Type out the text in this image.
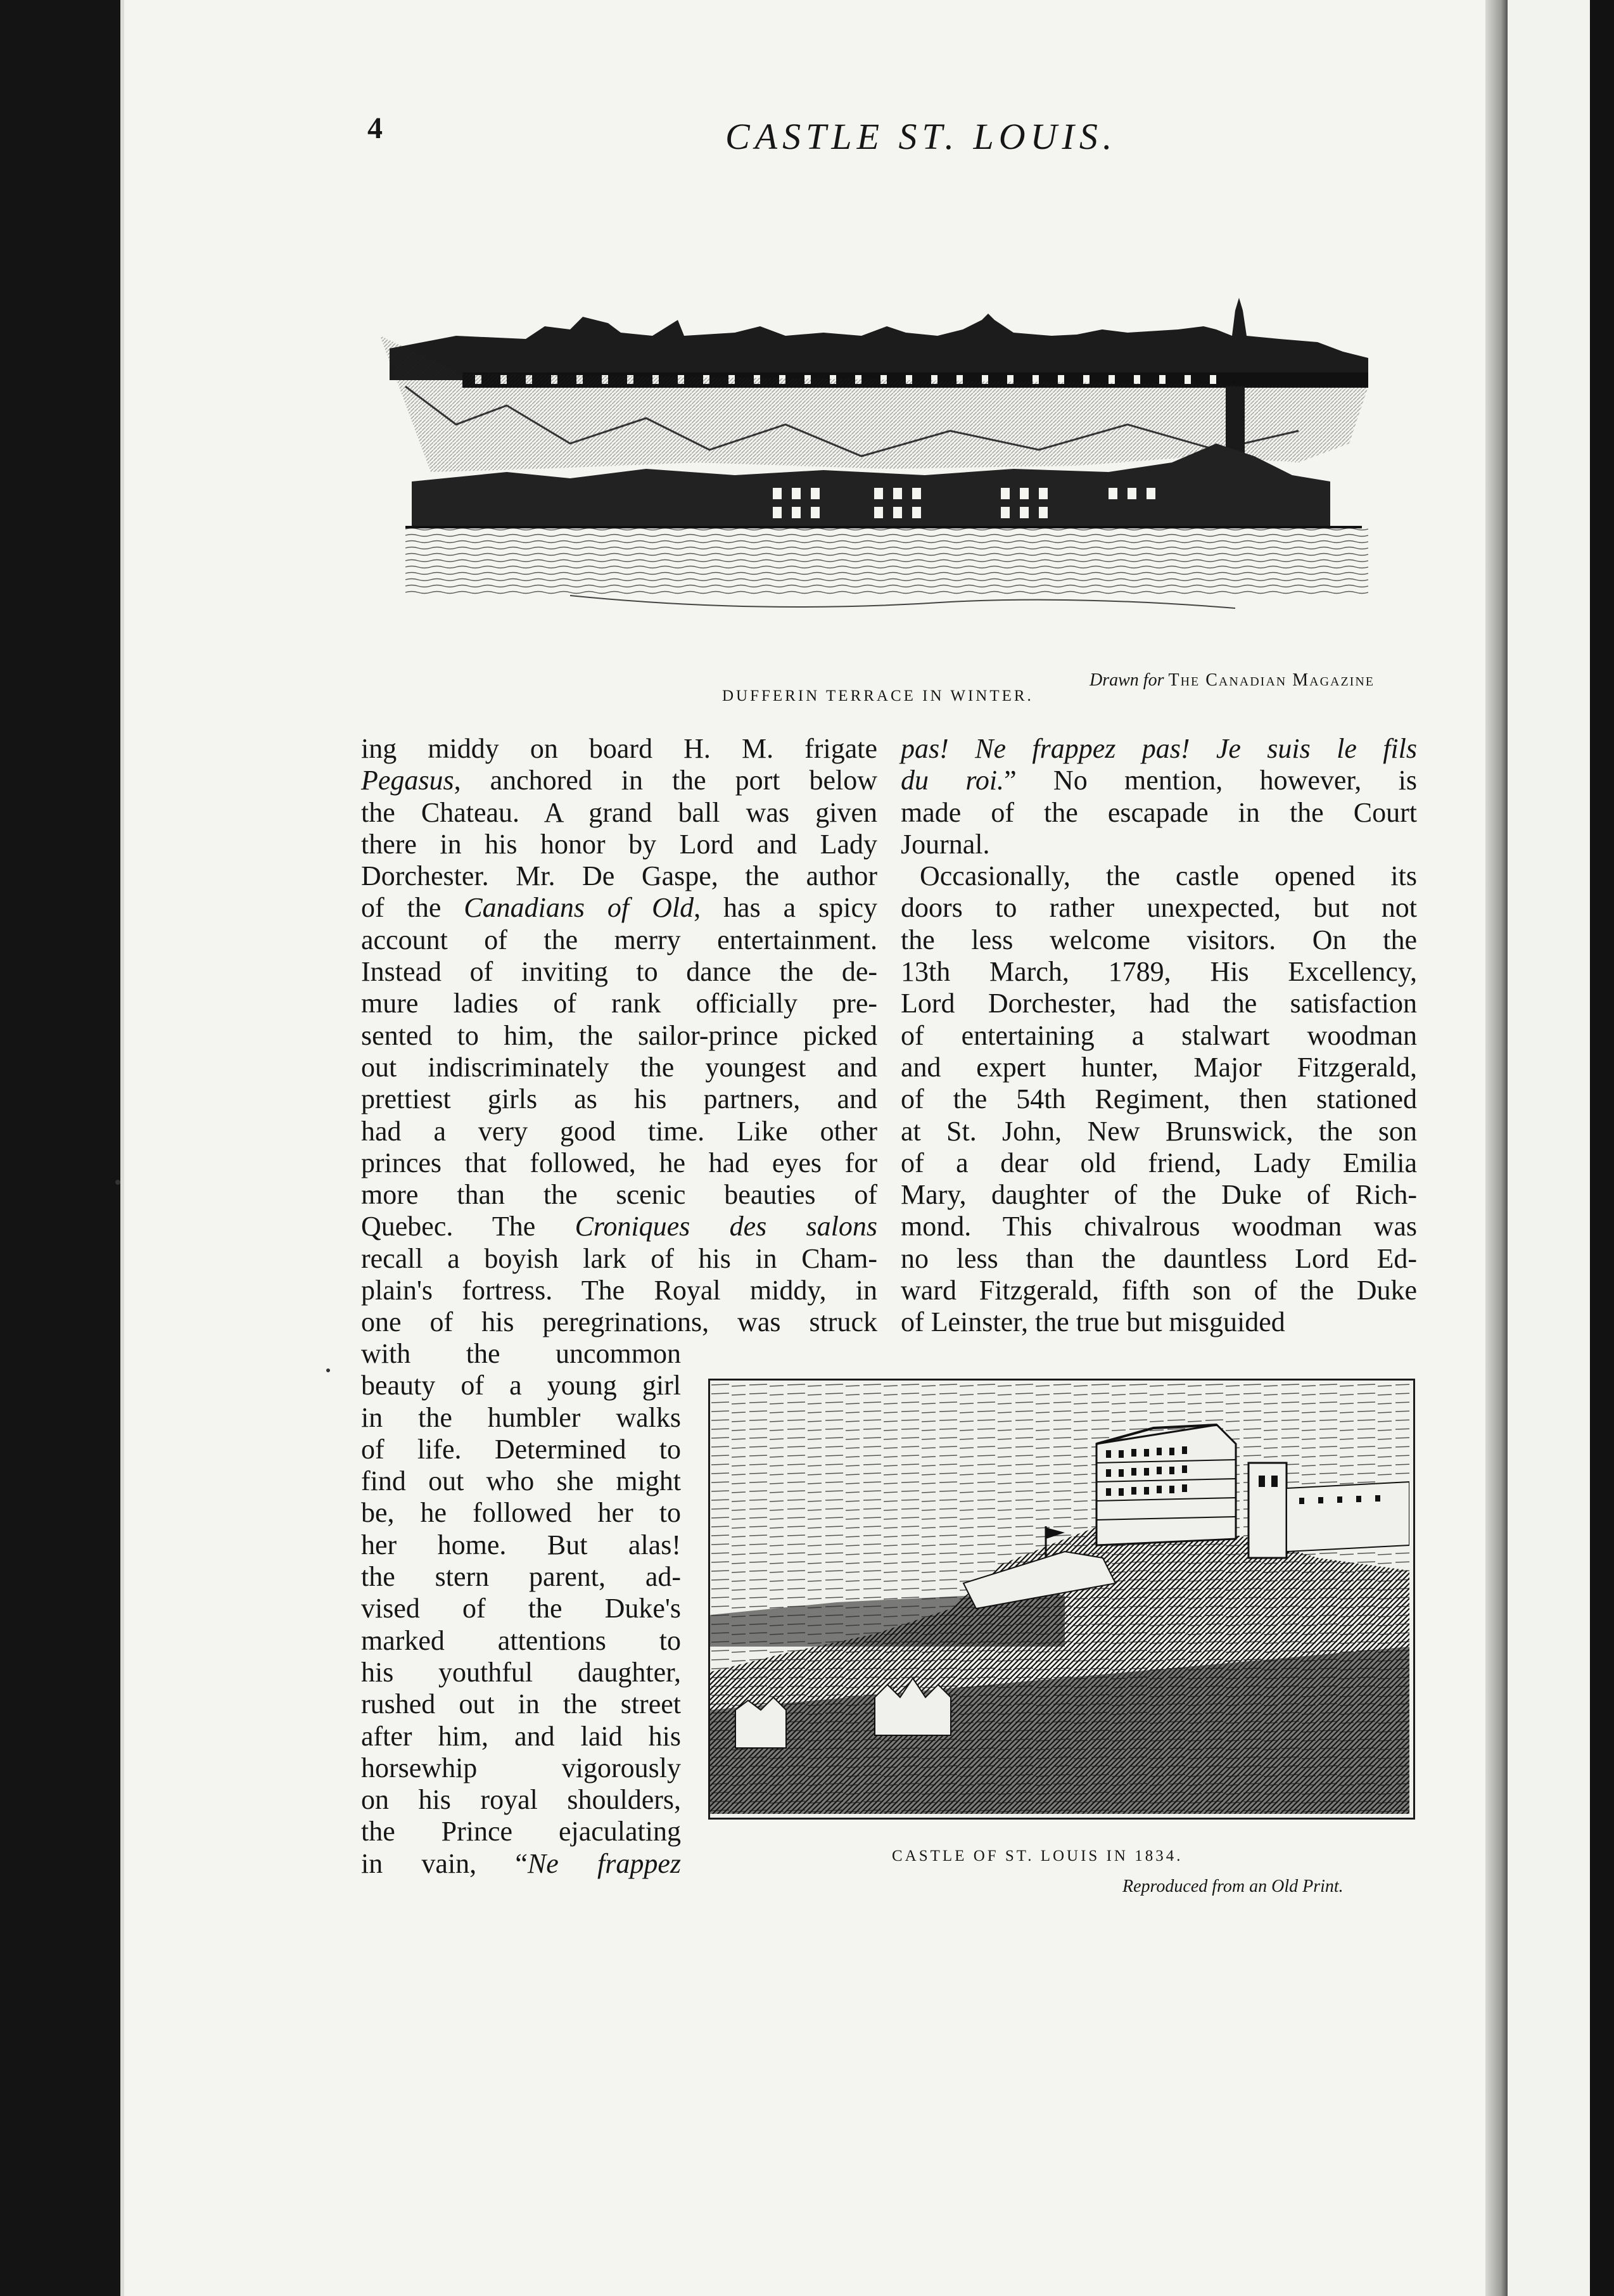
4	CASTLE ST. LOUIS.
DUFFERIN TERRACE IN WINTER.
Drawn for The Canadian Magazine
CASTLE OF ST. LOUIS IN 1834.
Reproduced from an Old Print.
ing middy on board H. M. frigate
Pegasus, anchored in the port below
the Chateau. A grand ball was given
there in his honor by Lord and Lady
Dorchester. Mr. De Gaspe, the author
of the Canadians of Old, has a spicy
account of the merry entertainment.
Instead of inviting to dance the de-
mure ladies of rank officially pre-
sented to him, the sailor-prince picked
out indiscriminately the youngest and
prettiest girls as his partners, and
had a very good time. Like other
princes that followed, he had eyes for
more than the scenic beauties of
Quebec. The Croniques des salons
recall a boyish lark of his in Cham-
plain's fortress. The Royal middy, in
one of his peregrinations, was struck
with the uncommon
beauty of a young girl
in the humbler walks
of life. Determined to
find out who she might
be, he followed her to
her home. But alas!
the stern parent, ad-
vised of the Duke's
marked attentions to
his youthful daughter,
rushed out in the street
after him, and laid his
horsewhip vigorously
on his royal shoulders,
the Prince ejaculating
in vain, “Ne frappez
pas! Ne frappez pas! Je suis le fils
du roi.” No mention, however, is
made of the escapade in the Court
Journal.
Occasionally, the castle opened its
doors to rather unexpected, but not
the less welcome visitors. On the
13th March, 1789, His Excellency,
Lord Dorchester, had the satisfaction
of entertaining a stalwart woodman
and expert hunter, Major Fitzgerald,
of the 54th Regiment, then stationed
at St. John, New Brunswick, the son
of a dear old friend, Lady Emilia
Mary, daughter of the Duke of Rich-
mond. This chivalrous woodman was
no less than the dauntless Lord Ed-
ward Fitzgerald, fifth son of the Duke
of Leinster, the true but misguided
